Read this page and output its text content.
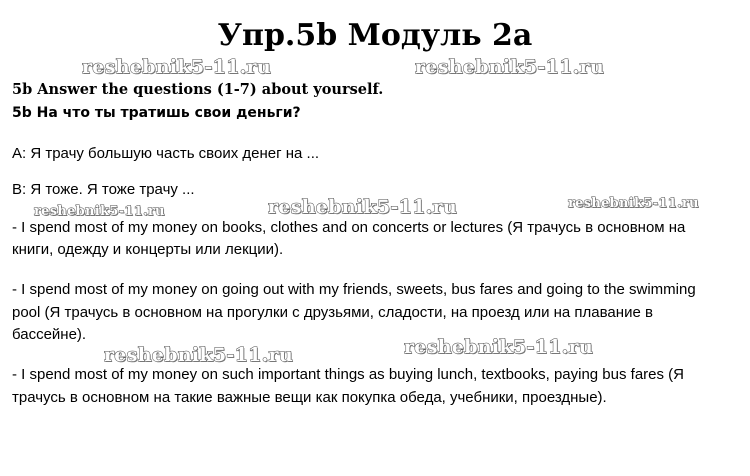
Упр.5b Модуль 2a
5b Answer the questions (1-7) about yourself.
5b На что ты тратишь свои деньги?
A: Я трачу большую часть своих денег на ...
B: Я тоже. Я тоже трачу ...
- I spend most of my money on books, clothes and on concerts or lectures (Я трачусь в основном на
книги, одежду и концерты или лекции).
- I spend most of my money on going out with my friends, sweets, bus fares and going to the swimming
pool (Я трачусь в основном на прогулки с друзьями, сладости, на проезд или на плавание в
бассейне).
- I spend most of my money on such important things as buying lunch, textbooks, paying bus fares (Я
трачусь в основном на такие важные вещи как покупка обеда, учебники, проездные).
reshebnik5-11.ru	reshebnik5-11.ru
reshebnik5-11.ru	reshebnik5-11.ru	reshebnik5-11.ru
reshebnik5-11.ru	reshebnik5-11.ru
